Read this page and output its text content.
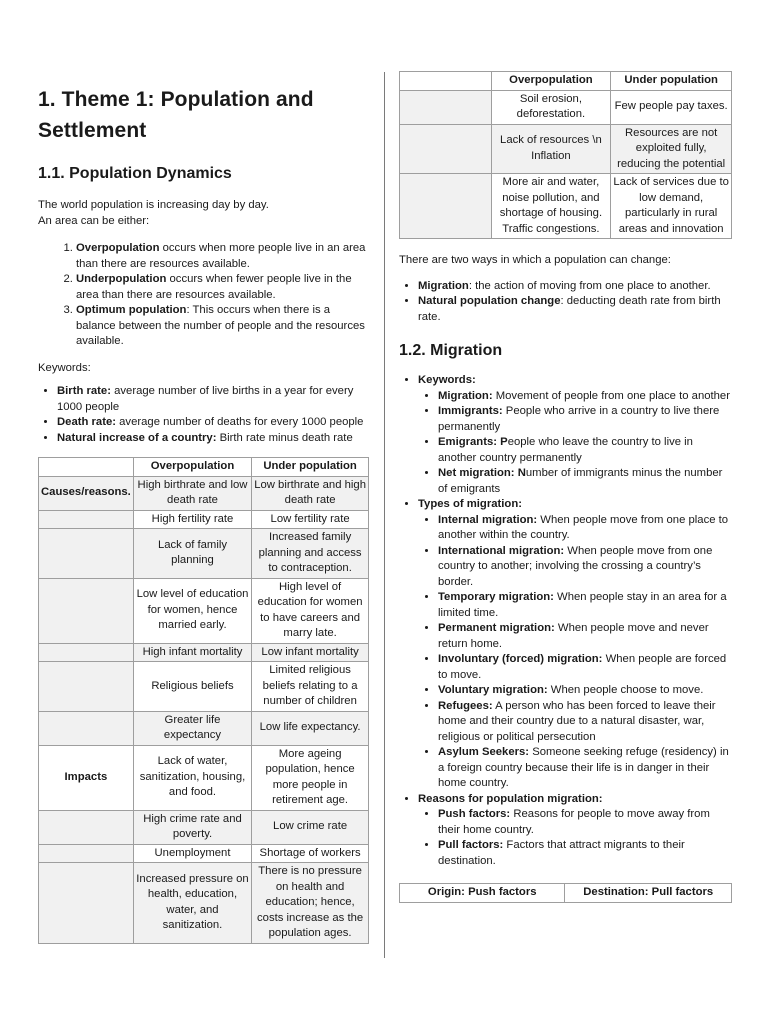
1. Theme 1: Population and Settlement
1.1. Population Dynamics

The world population is increasing day by day.

An area can be either:

1. Overpopulation occurs when more people live in an area than there are resources available.
2. Underpopulation occurs when fewer people live in the area than there are resources available.
3. Optimum population: This occurs when there is a balance between the number of people and the resources available.

Keywords:

• Birth rate: average number of live births in a year for every 1000 people
• Death rate: average number of deaths for every 1000 people
• Natural increase of a country: Birth rate minus death rate
	Overpopulation	Under population
Causes/reasons.	High birthrate and low death rate	Low birthrate and high death rate
	High fertility rate	Low fertility rate
	Lack of family planning	Increased family planning and access to contraception.
	Low level of education for women, hence married early.	High level of education for women to have careers and marry late.
	High infant mortality	Low infant mortality
	Religious beliefs	Limited religious beliefs relating to a number of children
	Greater life expectancy	Low life expectancy.
Impacts	Lack of water, sanitization, housing, and food.	More ageing population, hence more people in retirement age.
	High crime rate and poverty.	Low crime rate
	Unemployment	Shortage of workers
	Increased pressure on health, education, water, and sanitization.	There is no pressure on health and education; hence, costs increase as the population ages.
	Overpopulation	Under population
	Soil erosion, deforestation.	Few people pay taxes.
	Lack of resources \n Inflation	Resources are not exploited fully, reducing the potential
	More air and water, noise pollution, and shortage of housing. Traffic congestions.	Lack of services due to low demand, particularly in rural areas and innovation

There are two ways in which a population can change:

• Migration: the action of moving from one place to another.
• Natural population change: deducting death rate from birth rate.
1.2. Migration
• Keywords:
• Migration: Movement of people from one place to another
• Immigrants: People who arrive in a country to live there permanently
• Emigrants: People who leave the country to live in another country permanently
• Net migration: Number of immigrants minus the number of emigrants
• Types of migration:
• Internal migration: When people move from one place to another within the country.
• International migration: When people move from one country to another; involving the crossing a country’s border.
• Temporary migration: When people stay in an area for a limited time.
• Permanent migration: When people move and never return home.
• Involuntary (forced) migration: When people are forced to move.
• Voluntary migration: When people choose to move.
• Refugees: A person who has been forced to leave their home and their country due to a natural disaster, war, religious or political persecution
• Asylum Seekers: Someone seeking refuge (residency) in a foreign country because their life is in danger in their home country.
• Reasons for population migration:
• Push factors: Reasons for people to move away from their home country.
• Pull factors: Factors that attract migrants to their destination.
Origin: Push factors	Destination: Pull factors
